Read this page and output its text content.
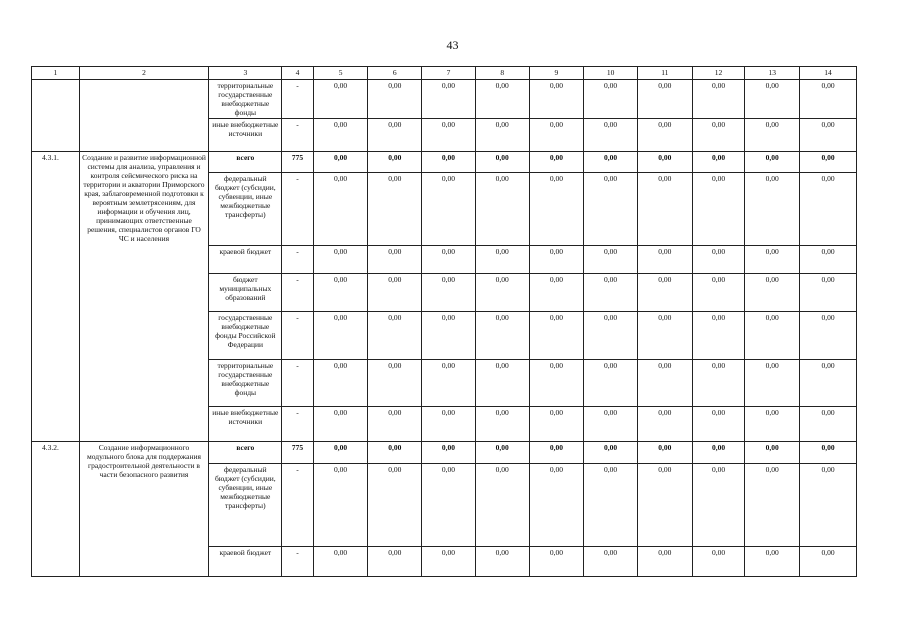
43
1	2	3	4	5	6	7	8	9	10	11	12	13	14
		территориальные государственные внебюджетные фонды	-	0,00	0,00	0,00	0,00	0,00	0,00	0,00	0,00	0,00	0,00
		иные внебюджетные источники	-	0,00	0,00	0,00	0,00	0,00	0,00	0,00	0,00	0,00	0,00
4.3.1.	Создание и развитие информационной системы для анализа, управления и контроля сейсмического риска на территории и акватории Приморского края, заблаговременной подготовки к вероятным землетрясениям, для информации и обучения лиц, принимающих ответственные решения, специалистов органов ГО ЧС и населения	всего	775	0,00	0,00	0,00	0,00	0,00	0,00	0,00	0,00	0,00	0,00
		федеральный бюджет (субсидии, субвенции, иные межбюджетные трансферты)	-	0,00	0,00	0,00	0,00	0,00	0,00	0,00	0,00	0,00	0,00
		краевой бюджет	-	0,00	0,00	0,00	0,00	0,00	0,00	0,00	0,00	0,00	0,00
		бюджет муниципальных образований	-	0,00	0,00	0,00	0,00	0,00	0,00	0,00	0,00	0,00	0,00
		государственные внебюджетные фонды Российской Федерации	-	0,00	0,00	0,00	0,00	0,00	0,00	0,00	0,00	0,00	0,00
		территориальные государственные внебюджетные фонды	-	0,00	0,00	0,00	0,00	0,00	0,00	0,00	0,00	0,00	0,00
		иные внебюджетные источники	-	0,00	0,00	0,00	0,00	0,00	0,00	0,00	0,00	0,00	0,00
4.3.2.	Создание информационного модульного блока для поддержания градостроительной деятельности в части безопасного развития	всего	775	0,00	0,00	0,00	0,00	0,00	0,00	0,00	0,00	0,00	0,00
		федеральный бюджет (субсидии, субвенции, иные межбюджетные трансферты)	-	0,00	0,00	0,00	0,00	0,00	0,00	0,00	0,00	0,00	0,00
		краевой бюджет	-	0,00	0,00	0,00	0,00	0,00	0,00	0,00	0,00	0,00	0,00
